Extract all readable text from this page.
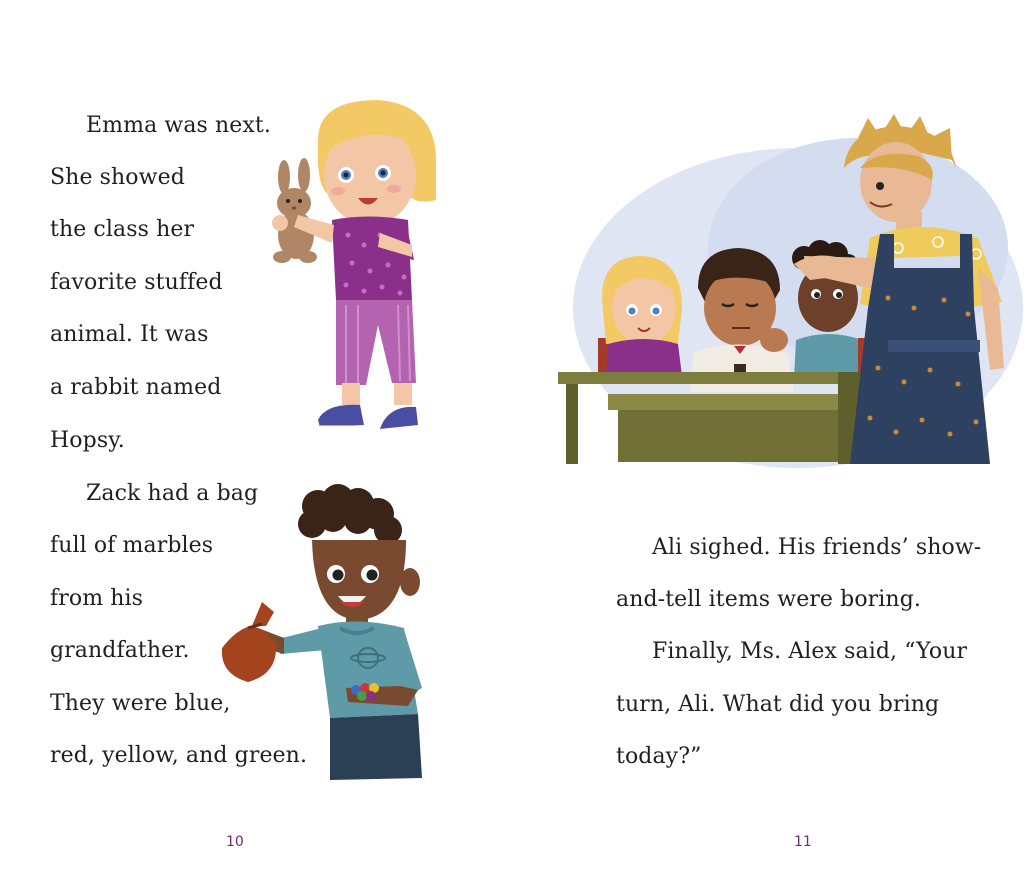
Emma was next.
She showed
the class her
favorite stuffed
animal. It was
a rabbit named
Hopsy.
Zack had a bag
full of marbles
from his
grandfather.
They were blue,
red, yellow, and green.
10
Ali sighed. His friends’ show-
and-tell items were boring.
Finally, Ms. Alex said, “Your
turn, Ali. What did you bring
today?”
11
